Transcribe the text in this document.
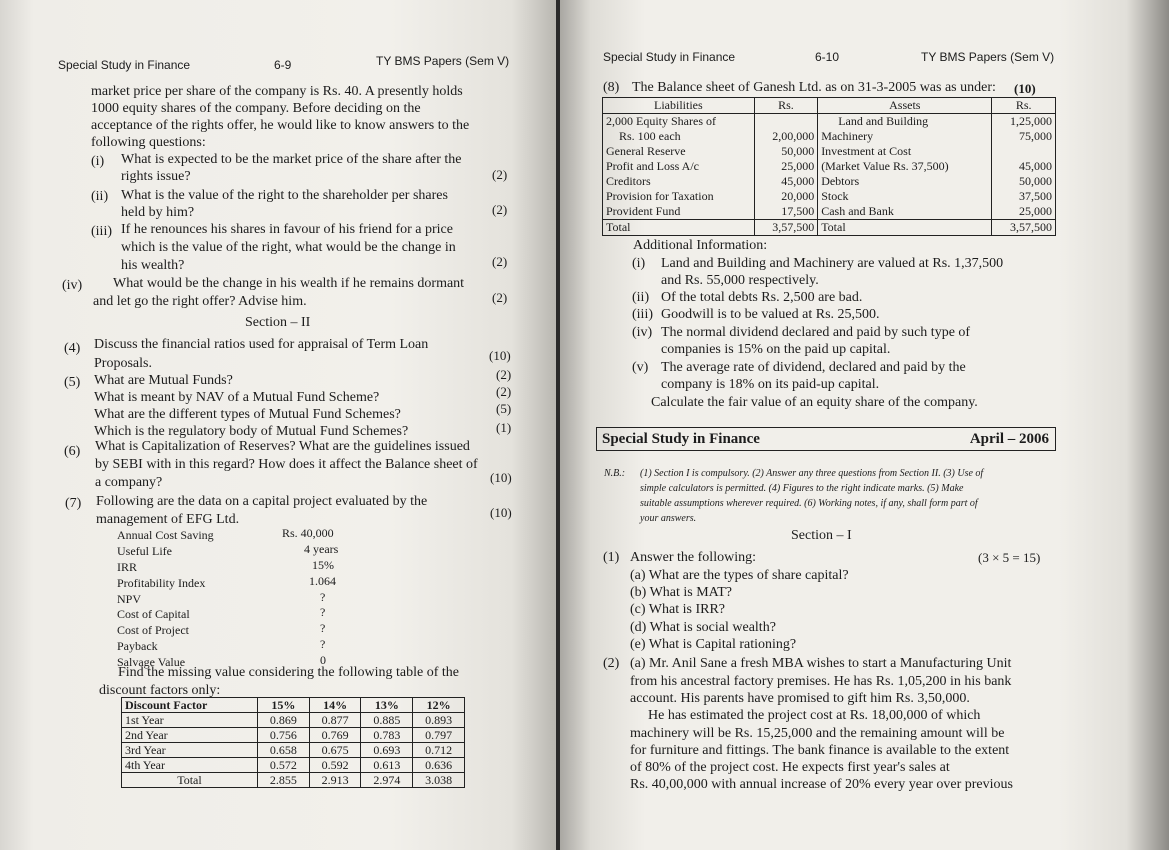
Special Study in Finance	6-9	TY BMS Papers (Sem V)
market price per share of the company is Rs. 40. A presently holds
1000 equity shares of the company. Before deciding on the
acceptance of the rights offer, he would like to know answers to the
following questions:
(i) What is expected to be the market price of the share after the
rights issue?	(2)
(ii) What is the value of the right to the shareholder per shares
held by him?	(2)
(iii) If he renounces his shares in favour of his friend for a price
which is the value of the right, what would be the change in
his wealth?	(2)
(iv) What would be the change in his wealth if he remains dormant
and let go the right offer? Advise him.	(2)
Section – II
(4) Discuss the financial ratios used for appraisal of Term Loan
Proposals.
(10)
(5) What are Mutual Funds?	(2)
What is meant by NAV of a Mutual Fund Scheme?	(2)
What are the different types of Mutual Fund Schemes?	(5)
Which is the regulatory body of Mutual Fund Schemes?	(1)
(6) What is Capitalization of Reserves? What are the guidelines issued
by SEBI with in this regard? How does it affect the Balance sheet of
a company?	(10)
(7) Following are the data on a capital project evaluated by the
management of EFG Ltd.	(10)
Annual Cost Saving	Rs. 40,000
Useful Life	4 years
IRR	15%
Profitability Index	1.064
NPV	?
Cost of Capital	?
Cost of Project	?
Payback	?
Salvage Value	0
Find the missing value considering the following table of the
discount factors only:
Discount Factor	15%	14%	13%	12%
1st Year	0.869	0.877	0.885	0.893
2nd Year	0.756	0.769	0.783	0.797
3rd Year	0.658	0.675	0.693	0.712
4th Year	0.572	0.592	0.613	0.636
Total	2.855	2.913	2.974	3.038
Special Study in Finance	6-10	TY BMS Papers (Sem V)
(8) The Balance sheet of Ganesh Ltd. as on 31-3-2005 was as under: (10)
Liabilities	Rs.	Assets	Rs.
2,000 Equity Shares of		Land and Building	1,25,000
Rs. 100 each	2,00,000	Machinery	75,000
General Reserve	50,000	Investment at Cost	
Profit and Loss A/c	25,000	(Market Value Rs. 37,500)	45,000
Creditors	45,000	Debtors	50,000
Provision for Taxation	20,000	Stock	37,500
Provident Fund	17,500	Cash and Bank	25,000
Total	3,57,500	Total	3,57,500
Additional Information:
(i) Land and Building and Machinery are valued at Rs. 1,37,500
and Rs. 55,000 respectively.
(ii) Of the total debts Rs. 2,500 are bad.
(iii) Goodwill is to be valued at Rs. 25,500.
(iv) The normal dividend declared and paid by such type of
companies is 15% on the paid up capital.
(v) The average rate of dividend, declared and paid by the
company is 18% on its paid-up capital.
Calculate the fair value of an equity share of the company.
Special Study in Finance	April – 2006
N.B.: (1) Section I is compulsory. (2) Answer any three questions from Section II. (3) Use of
simple calculators is permitted. (4) Figures to the right indicate marks. (5) Make
suitable assumptions wherever required. (6) Working notes, if any, shall form part of
your answers.
Section – I
(1) Answer the following:	(3 × 5 = 15)
(a) What are the types of share capital?
(b) What is MAT?
(c) What is IRR?
(d) What is social wealth?
(e) What is Capital rationing?
(2) (a) Mr. Anil Sane a fresh MBA wishes to start a Manufacturing Unit
from his ancestral factory premises. He has Rs. 1,05,200 in his bank
account. His parents have promised to gift him Rs. 3,50,000.
He has estimated the project cost at Rs. 18,00,000 of which
machinery will be Rs. 15,25,000 and the remaining amount will be
for furniture and fittings. The bank finance is available to the extent
of 80% of the project cost. He expects first year's sales at
Rs. 40,00,000 with annual increase of 20% every year over previous
